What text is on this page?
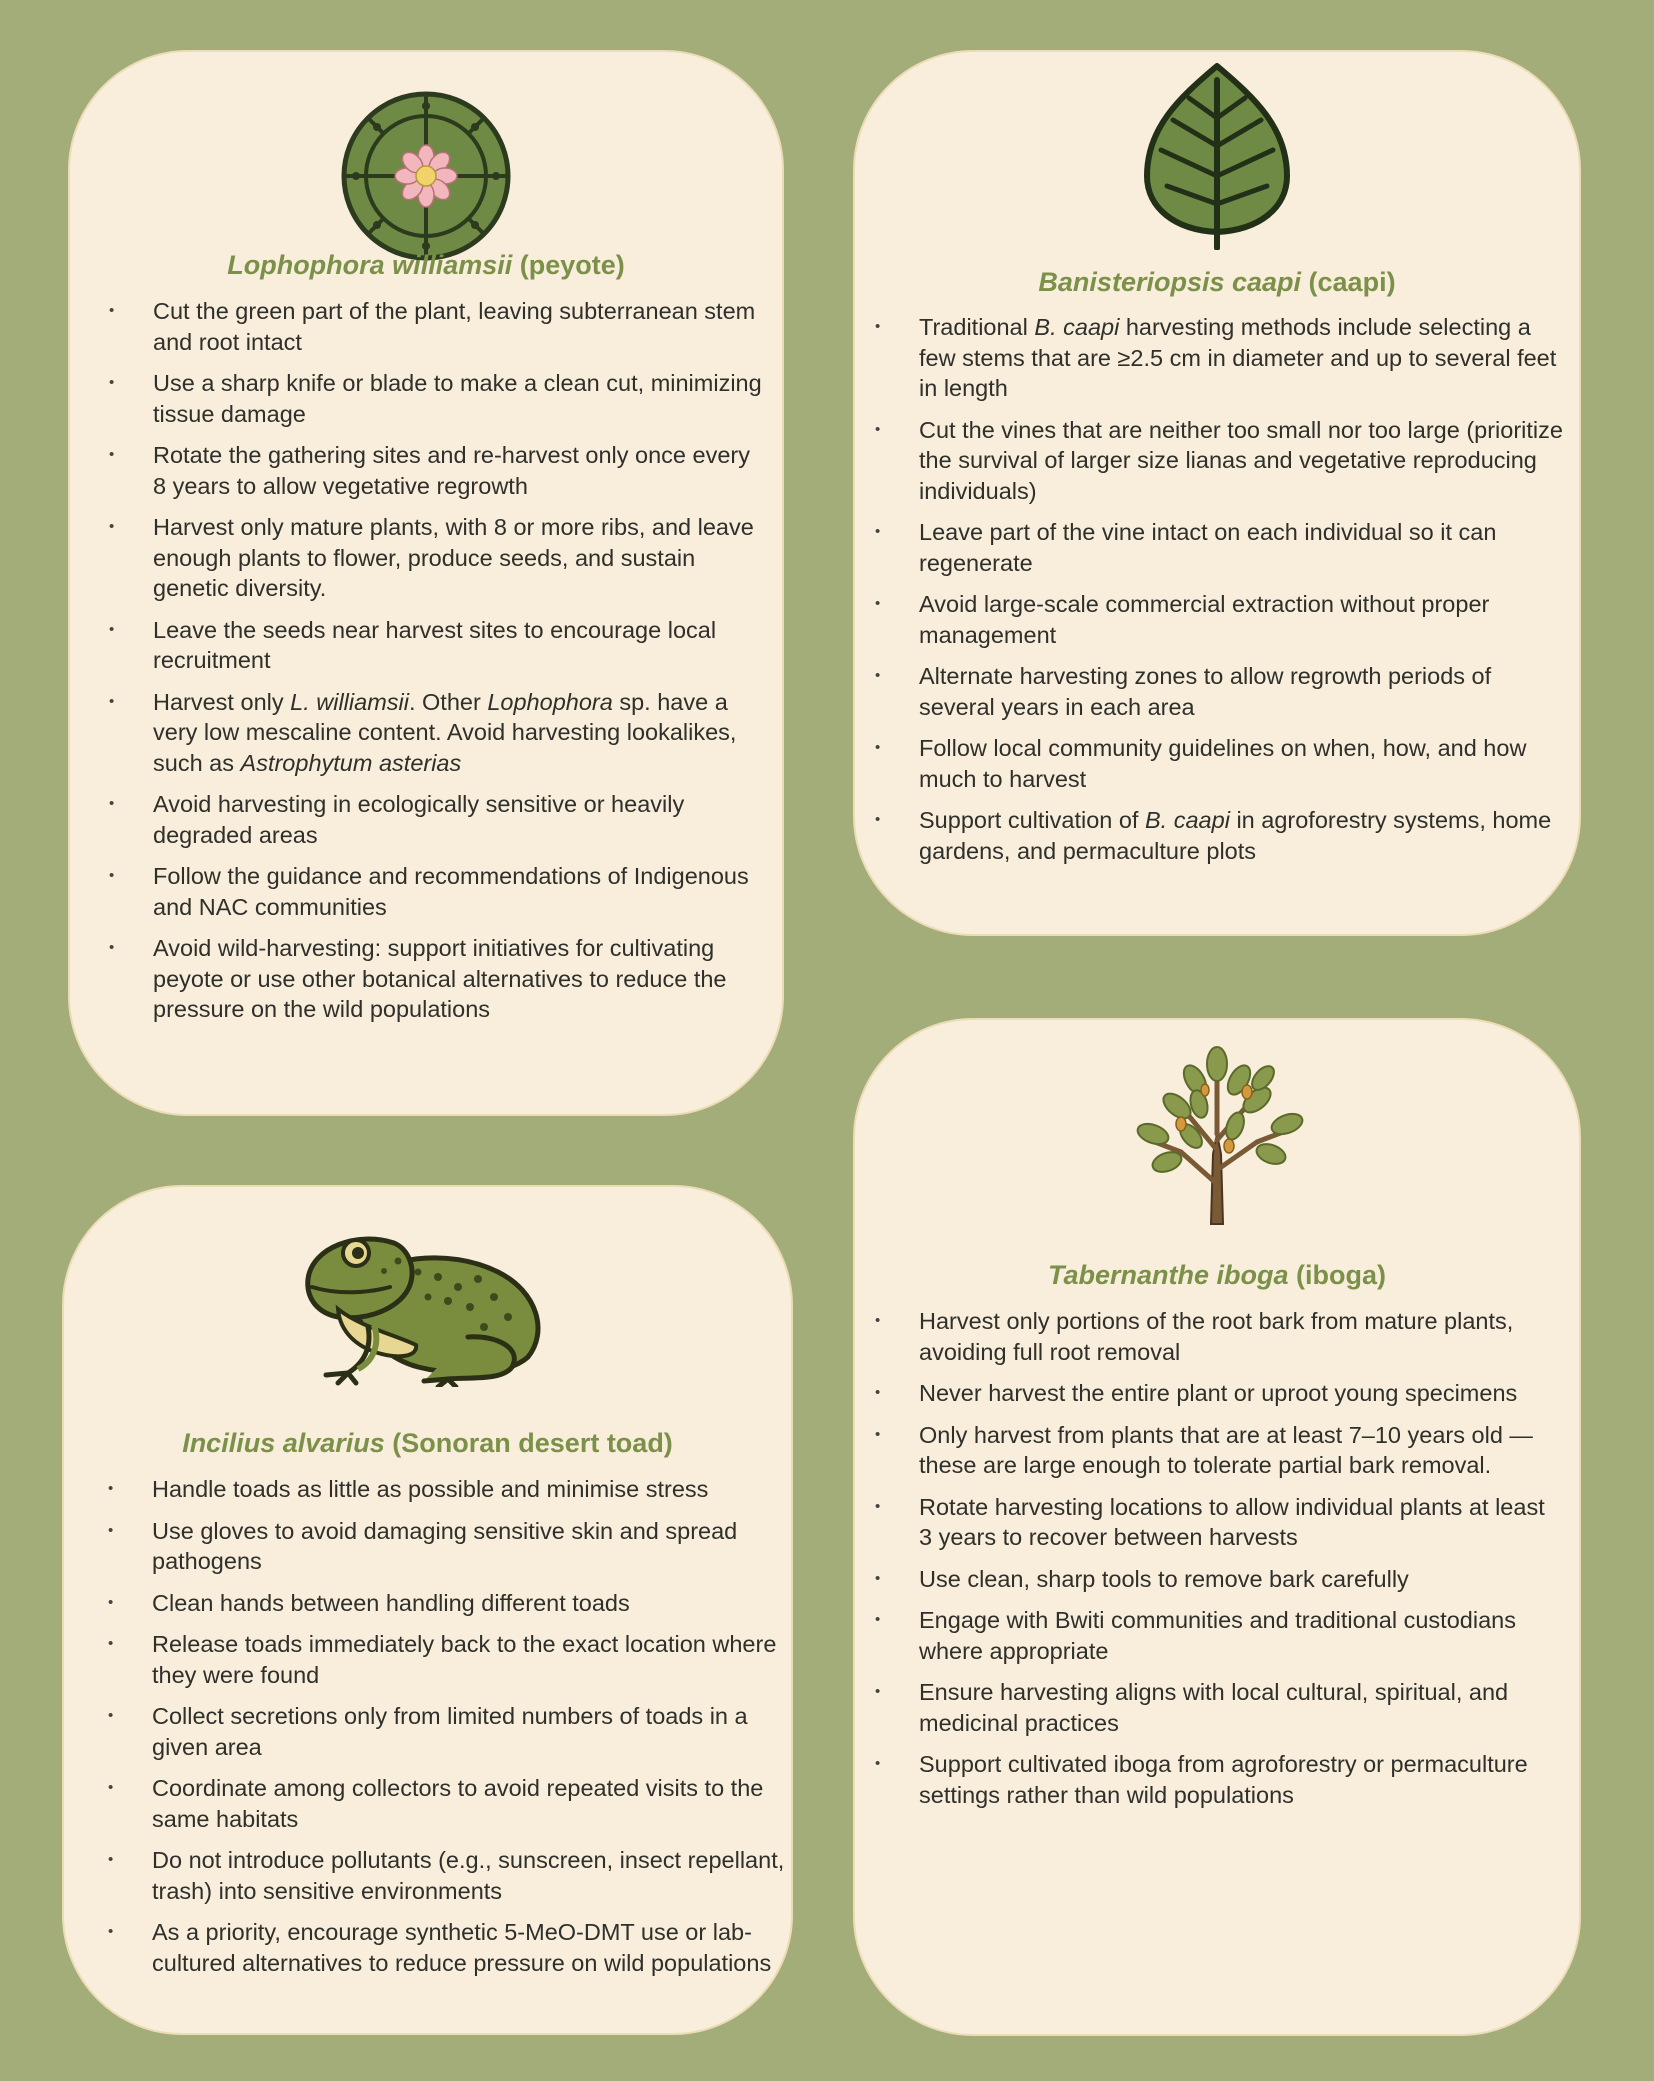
Lophophora williamsii (peyote)
• Cut the green part of the plant, leaving subterranean stem and root intact
• Use a sharp knife or blade to make a clean cut, minimizing tissue damage
• Rotate the gathering sites and re-harvest only once every 8 years to allow vegetative regrowth
• Harvest only mature plants, with 8 or more ribs, and leave enough plants to flower, produce seeds, and sustain genetic diversity.
• Leave the seeds near harvest sites to encourage local recruitment
• Harvest only L. williamsii. Other Lophophora sp. have a very low mescaline content. Avoid harvesting lookalikes, such as Astrophytum asterias
• Avoid harvesting in ecologically sensitive or heavily degraded areas
• Follow the guidance and recommendations of Indigenous and NAC communities
• Avoid wild-harvesting: support initiatives for cultivating peyote or use other botanical alternatives to reduce the pressure on the wild populations
Banisteriopsis caapi (caapi)
• Traditional B. caapi harvesting methods include selecting a few stems that are ≥2.5 cm in diameter and up to several feet in length
• Cut the vines that are neither too small nor too large (prioritize the survival of larger size lianas and vegetative reproducing individuals)
• Leave part of the vine intact on each individual so it can regenerate
• Avoid large-scale commercial extraction without proper management
• Alternate harvesting zones to allow regrowth periods of several years in each area
• Follow local community guidelines on when, how, and how much to harvest
• Support cultivation of B. caapi in agroforestry systems, home gardens, and permaculture plots
Incilius alvarius (Sonoran desert toad)
• Handle toads as little as possible and minimise stress
• Use gloves to avoid damaging sensitive skin and spread pathogens
• Clean hands between handling different toads
• Release toads immediately back to the exact location where they were found
• Collect secretions only from limited numbers of toads in a given area
• Coordinate among collectors to avoid repeated visits to the same habitats
• Do not introduce pollutants (e.g., sunscreen, insect repellant, trash) into sensitive environments
• As a priority, encourage synthetic 5-MeO-DMT use or lab-cultured alternatives to reduce pressure on wild populations
Tabernanthe iboga (iboga)
• Harvest only portions of the root bark from mature plants, avoiding full root removal
• Never harvest the entire plant or uproot young specimens
• Only harvest from plants that are at least 7–10 years old — these are large enough to tolerate partial bark removal.
• Rotate harvesting locations to allow individual plants at least 3 years to recover between harvests
• Use clean, sharp tools to remove bark carefully
• Engage with Bwiti communities and traditional custodians where appropriate
• Ensure harvesting aligns with local cultural, spiritual, and medicinal practices
• Support cultivated iboga from agroforestry or permaculture settings rather than wild populations
